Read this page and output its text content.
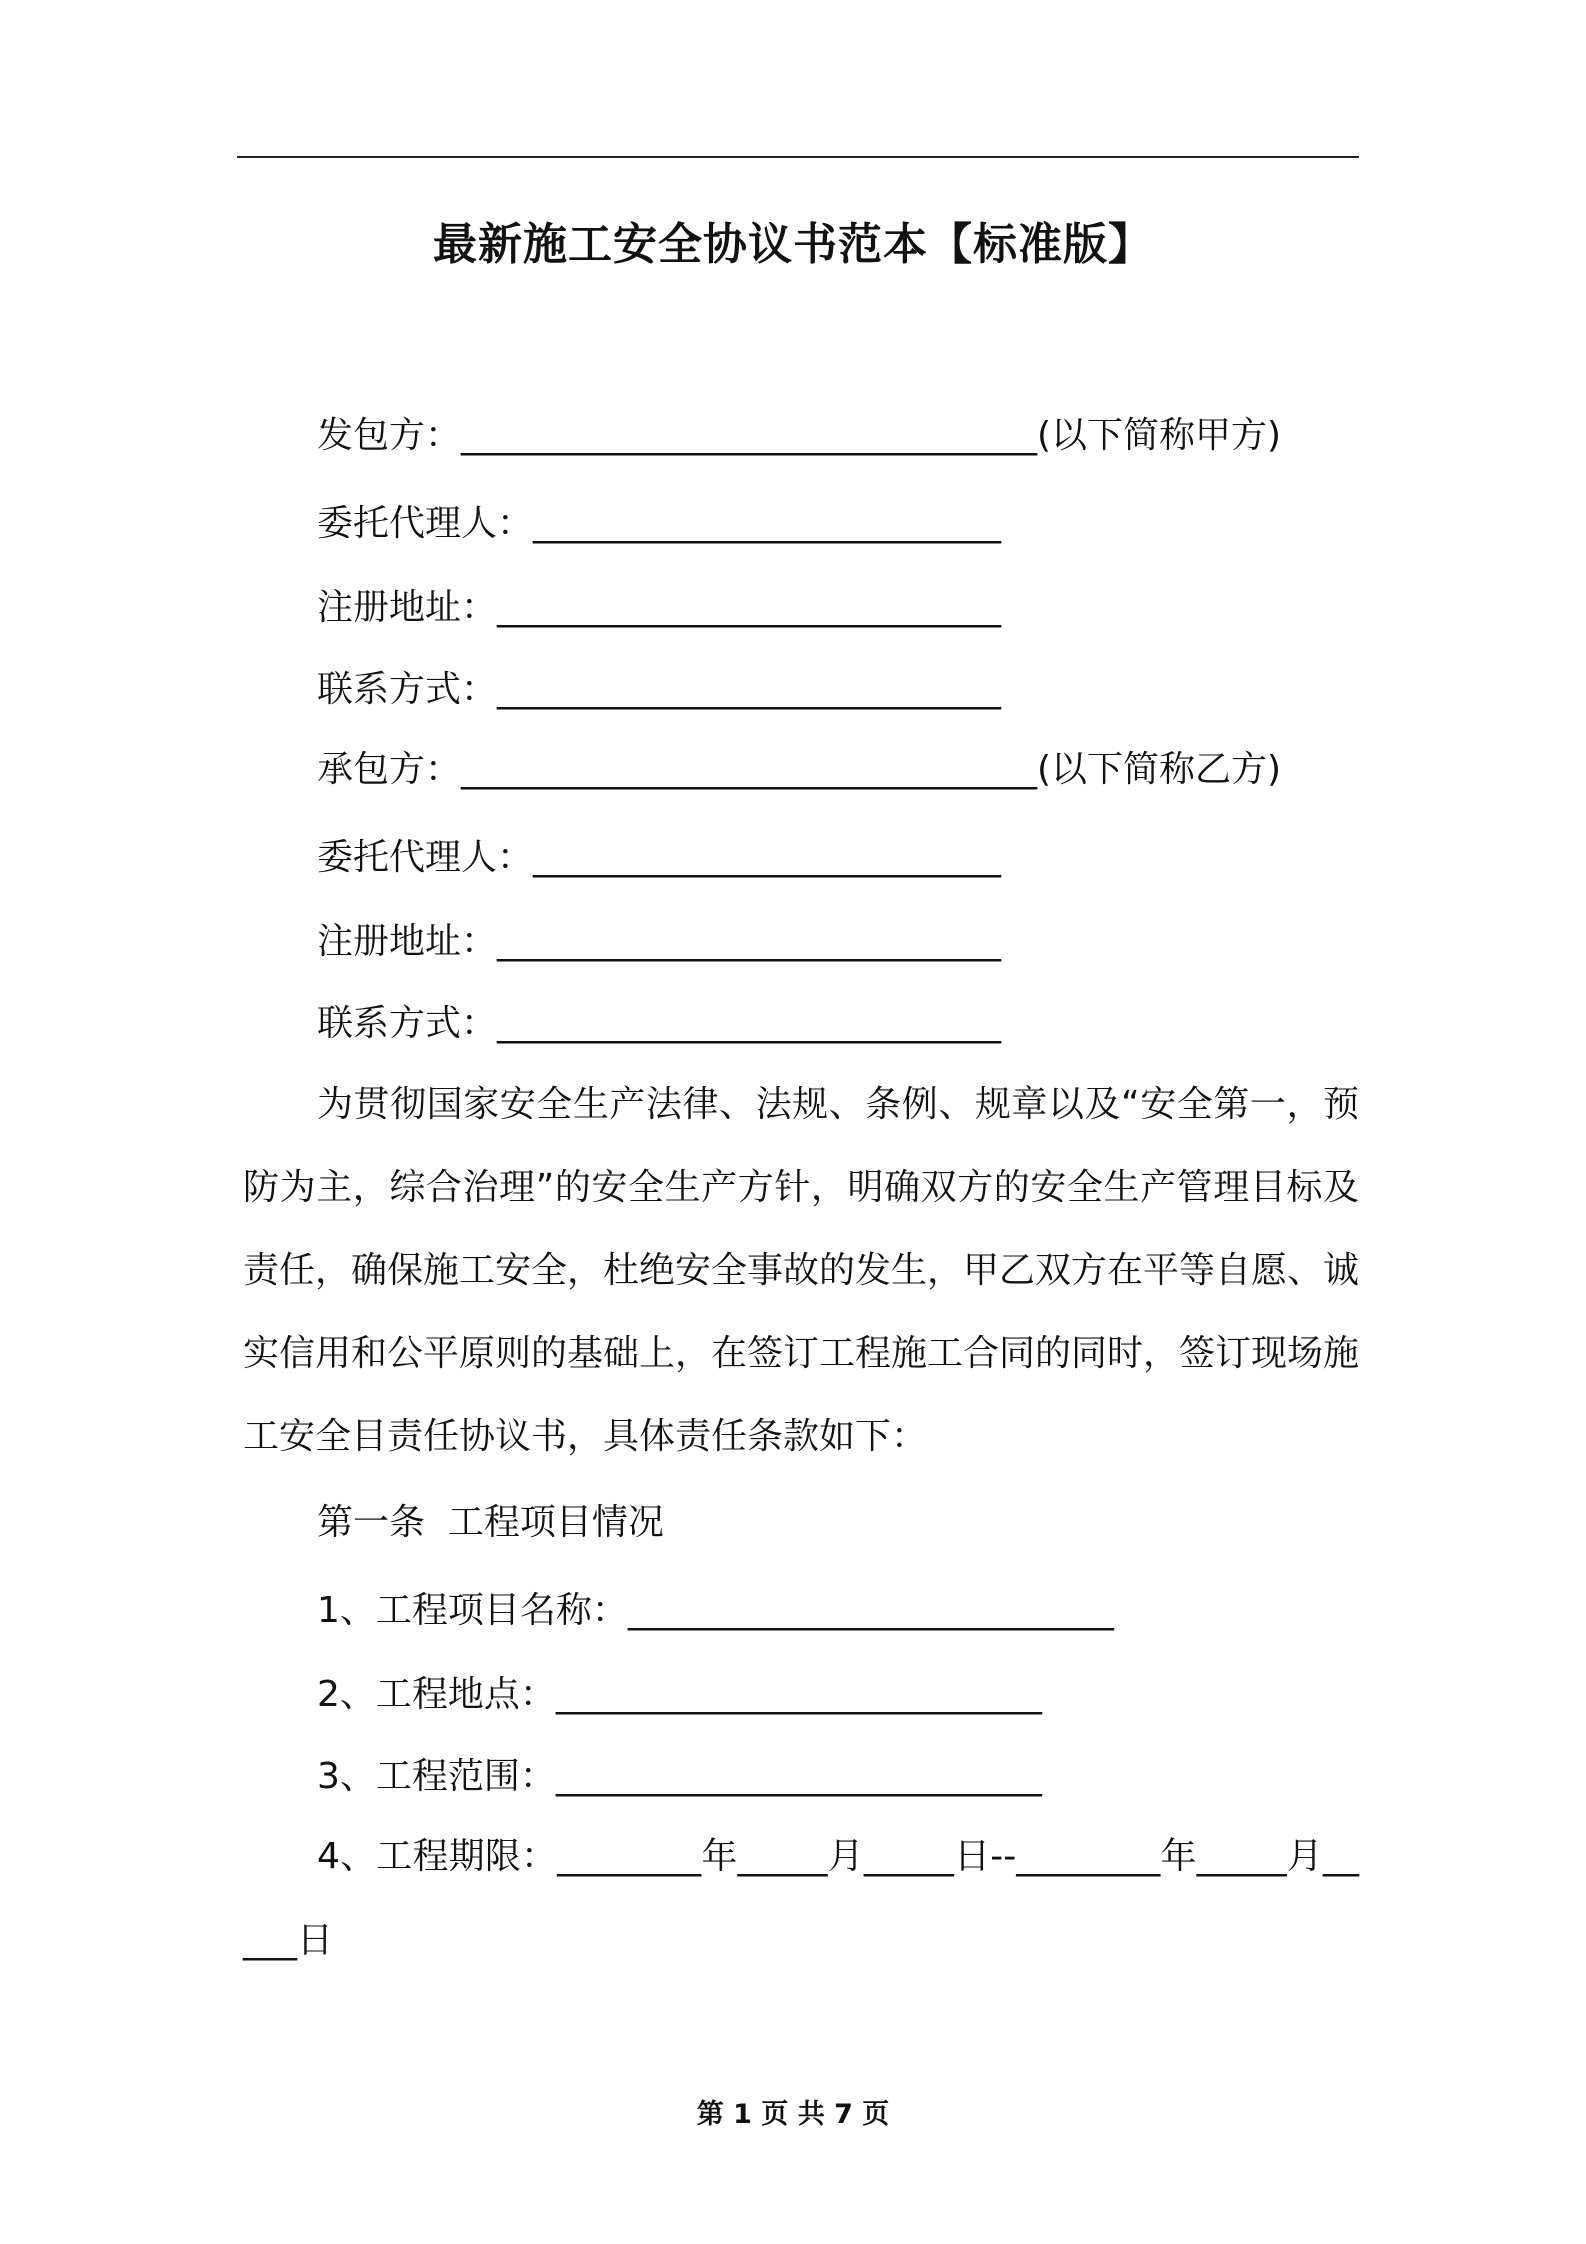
最新施工安全协议书范本【标准版】
发包方：________________________________(以下简称甲方)
委托代理人：__________________________
注册地址：____________________________
联系方式：____________________________
承包方：________________________________(以下简称乙方)
委托代理人：__________________________
注册地址：____________________________
联系方式：____________________________
为贯彻国家安全生产法律、法规、条例、规章以及“安全第一，预防为主，综合治理”的安全生产方针，明确双方的安全生产管理目标及责任，确保施工安全，杜绝安全事故的发生，甲乙双方在平等自愿、诚实信用和公平原则的基础上，在签订工程施工合同的同时，签订现场施工安全目责任协议书，具体责任条款如下：
第一条  工程项目情况
1、工程项目名称：___________________________
2、工程地点：___________________________
3、工程范围：___________________________
4、工程期限：________年_____月_____日--________年_____月_____日
第 1 页 共 7 页
